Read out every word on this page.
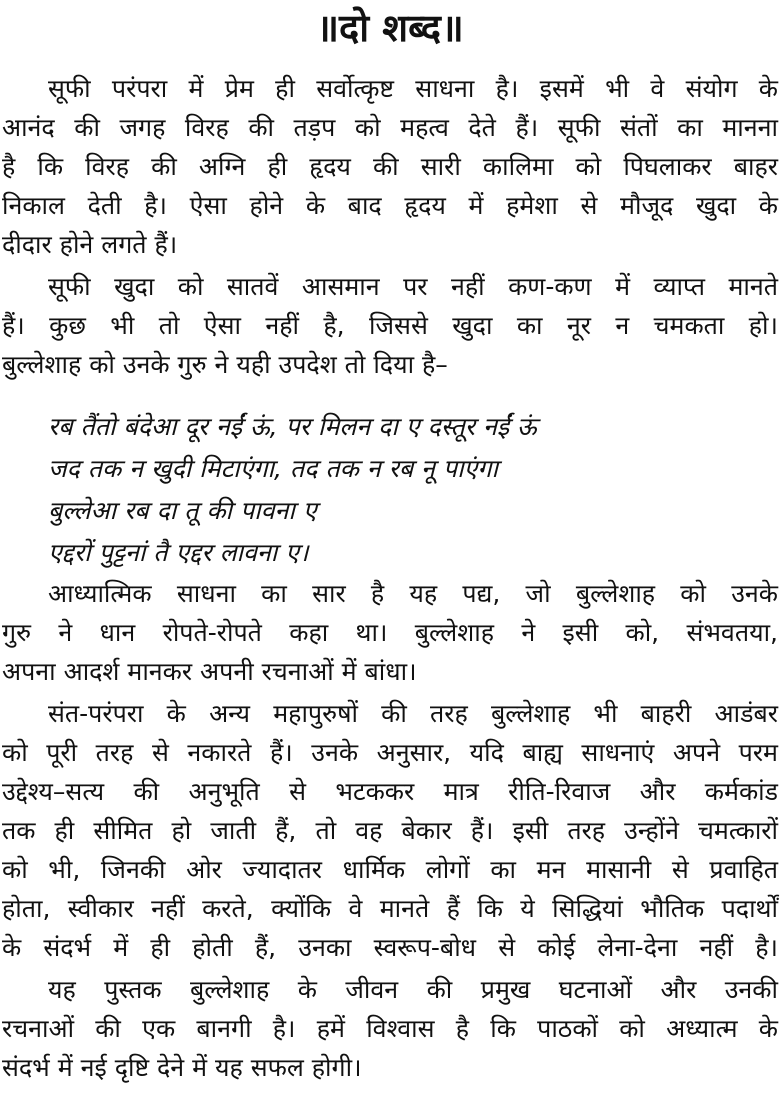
॥दो शब्द॥
सूफी परंपरा में प्रेम ही सर्वोत्कृष्ट साधना है। इसमें भी वे संयोग के
आनंद की जगह विरह की तड़प को महत्व देते हैं। सूफी संतों का मानना
है कि विरह की अग्नि ही हृदय की सारी कालिमा को पिघलाकर बाहर
निकाल देती है। ऐसा होने के बाद हृदय में हमेशा से मौजूद खुदा के
दीदार होने लगते हैं।
सूफी खुदा को सातवें आसमान पर नहीं कण-कण में व्याप्त मानते
हैं। कुछ भी तो ऐसा नहीं है, जिससे खुदा का नूर न चमकता हो।
बुल्लेशाह को उनके गुरु ने यही उपदेश तो दिया है–
रब तैंतो बंदेआ दूर नईं ऊं, पर मिलन दा ए दस्तूर नईं ऊं
जद तक न खुदी मिटाएंगा, तद तक न रब नू पाएंगा
बुल्लेआ रब दा तू की पावना ए
एद्दरों पुट्टनां तै एद्दर लावना ए।
आध्यात्मिक साधना का सार है यह पद्य, जो बुल्लेशाह को उनके
गुरु ने धान रोपते-रोपते कहा था। बुल्लेशाह ने इसी को, संभवतया,
अपना आदर्श मानकर अपनी रचनाओं में बांधा।
संत-परंपरा के अन्य महापुरुषों की तरह बुल्लेशाह भी बाहरी आडंबर
को पूरी तरह से नकारते हैं। उनके अनुसार, यदि बाह्य साधनाएं अपने परम
उद्देश्य–सत्य की अनुभूति से भटककर मात्र रीति-रिवाज और कर्मकांड
तक ही सीमित हो जाती हैं, तो वह बेकार हैं। इसी तरह उन्होंने चमत्कारों
को भी, जिनकी ओर ज्यादातर धार्मिक लोगों का मन मासानी से प्रवाहित
होता, स्वीकार नहीं करते, क्योंकि वे मानते हैं कि ये सिद्धियां भौतिक पदार्थों
के संदर्भ में ही होती हैं, उनका स्वरूप-बोध से कोई लेना-देना नहीं है।
यह पुस्तक बुल्लेशाह के जीवन की प्रमुख घटनाओं और उनकी
रचनाओं की एक बानगी है। हमें विश्वास है कि पाठकों को अध्यात्म के
संदर्भ में नई दृष्टि देने में यह सफल होगी।
